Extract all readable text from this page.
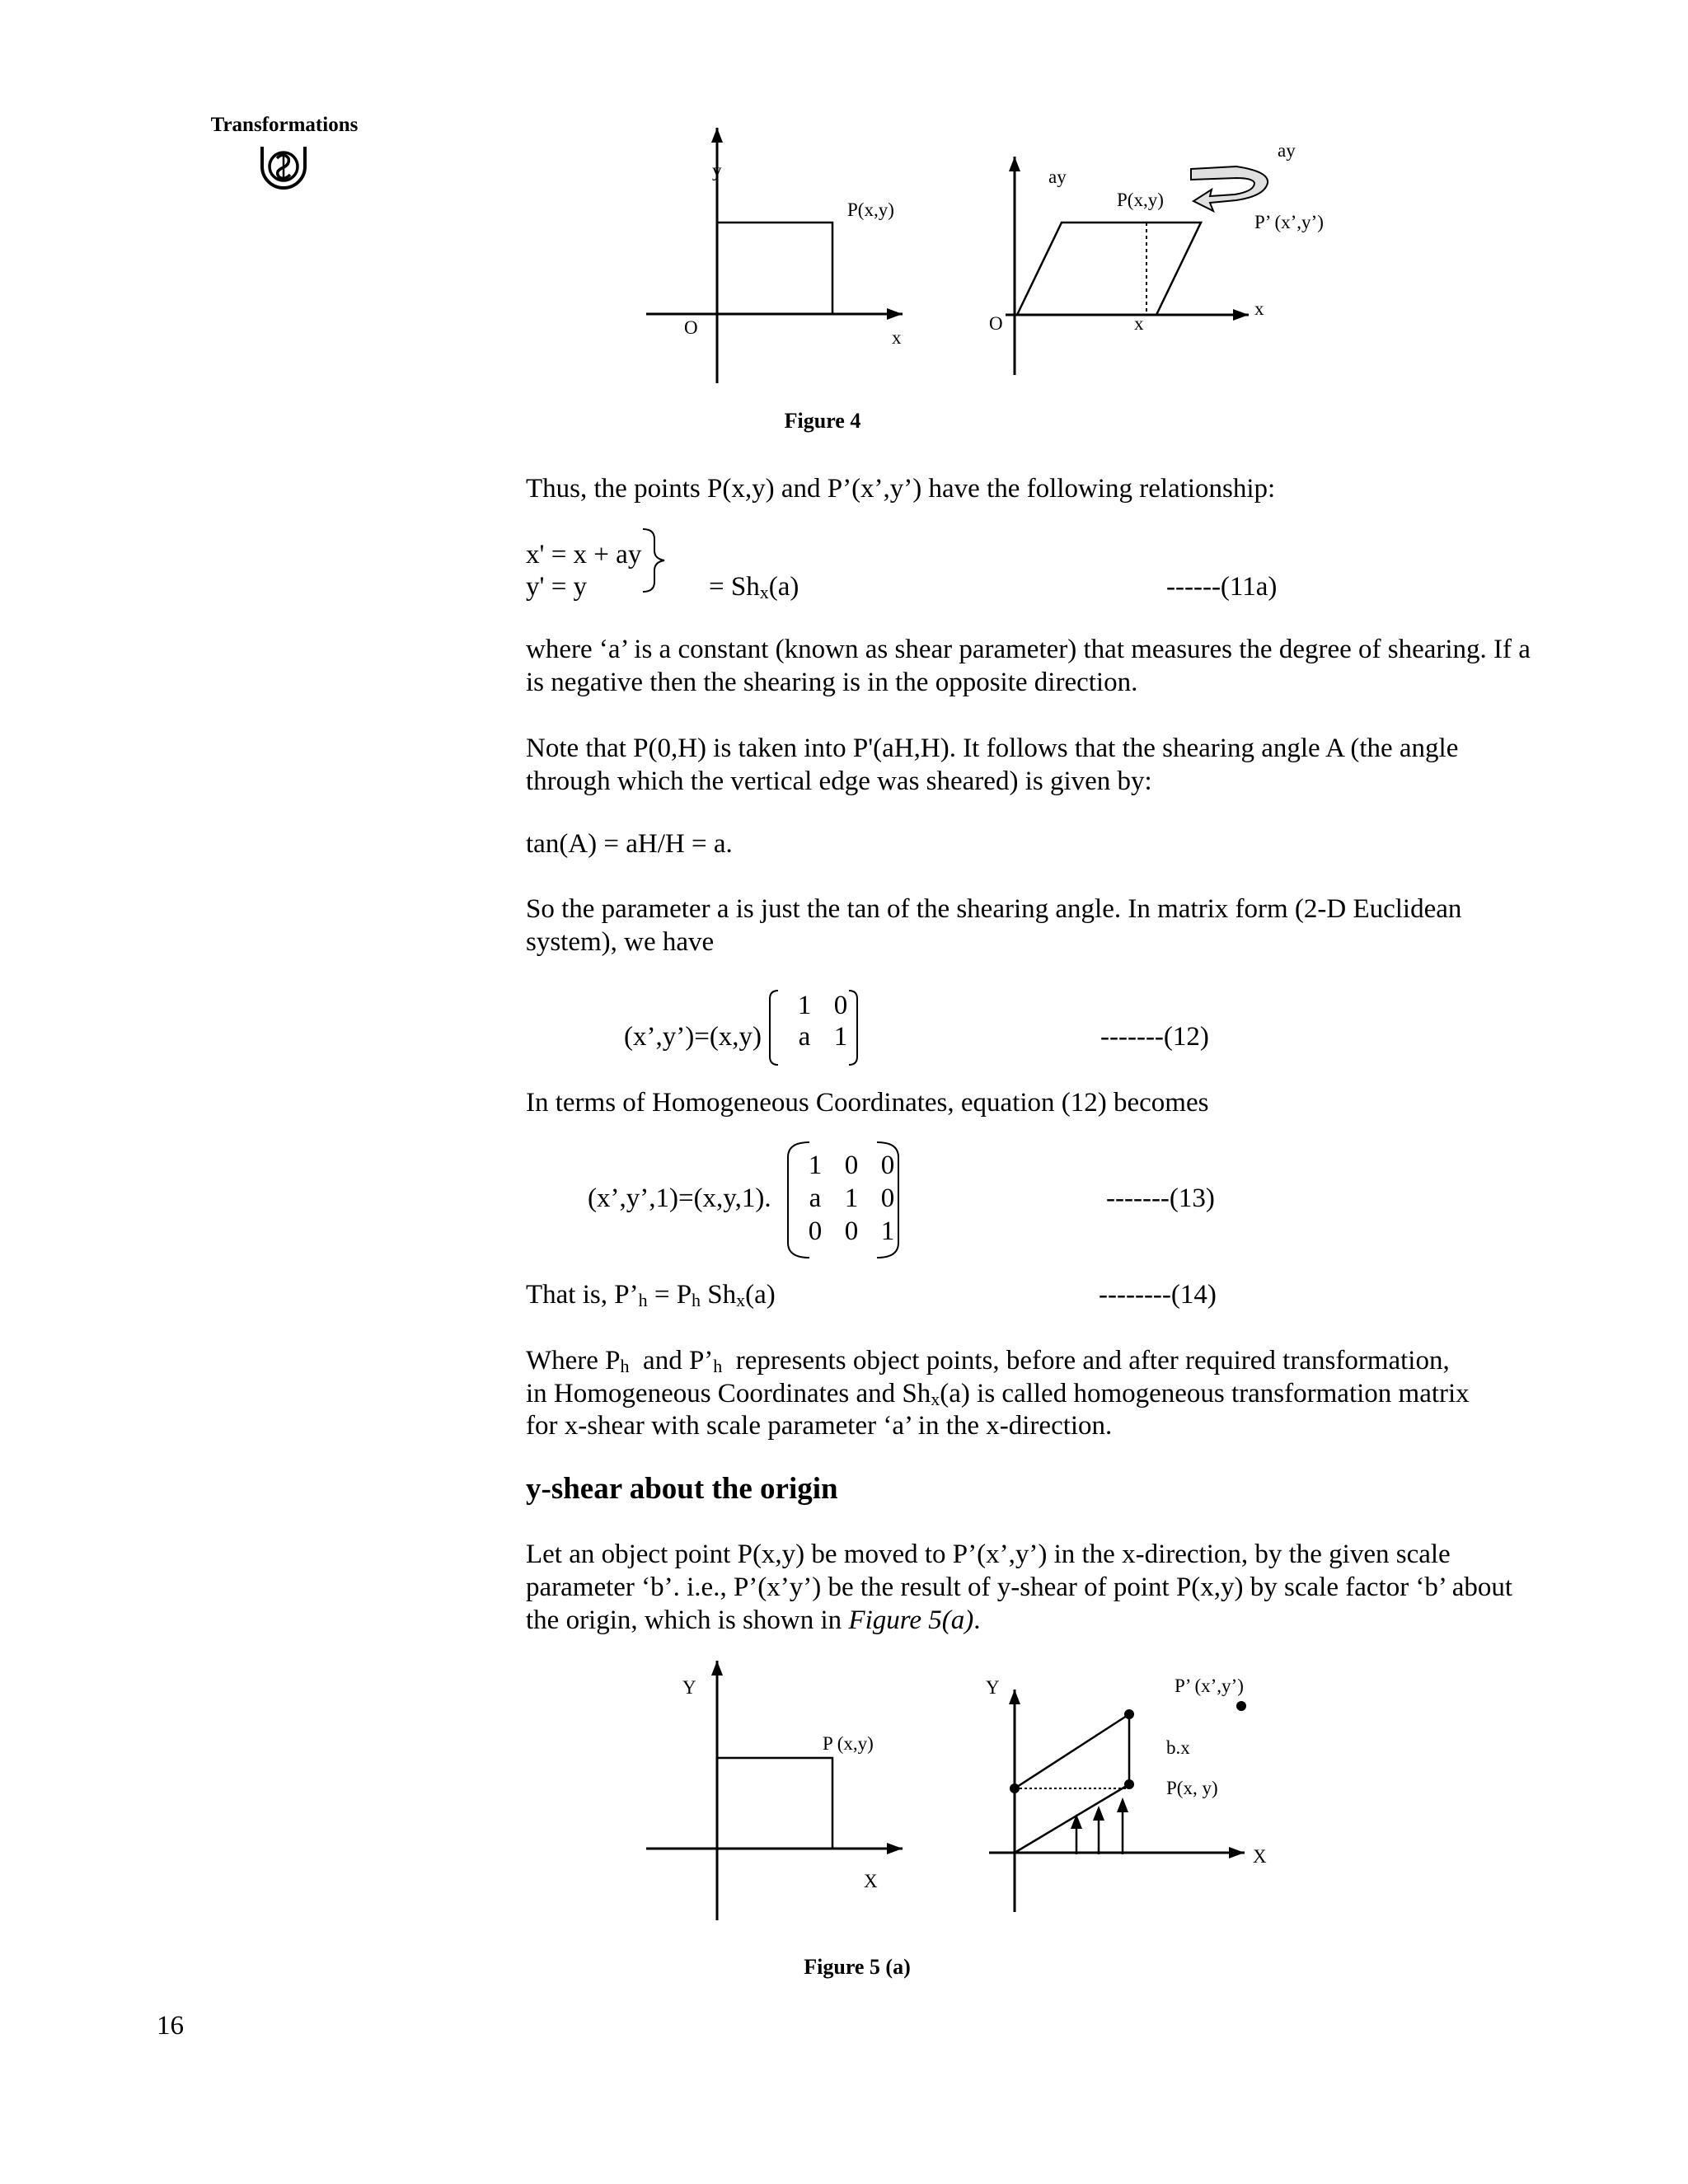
Transformations
y
P(x,y)
O	x
ay
ay
P(x,y)
P’ (x’,y’)
x
O	x
Figure 4
Thus, the points P(x,y) and P’(x’,y’) have the following relationship:
x' = x + ay
y' = y	= $Sh_x(a)$	------(11a)
where ‘a’ is a constant (known as shear parameter) that measures the degree of shearing. If a is negative then the shearing is in the opposite direction.
Note that P(0,H) is taken into P'(aH,H). It follows that the shearing angle A (the angle through which the vertical edge was sheared) is given by:
tan(A) = aH/H = a.
So the parameter a is just the tan of the shearing angle. In matrix form (2-D Euclidean system), we have
(x’,y’)=(x,y)
1 0
a 1	-------(12)
In terms of Homogeneous Coordinates, equation (12) becomes
(x’,y’,1)=(x,y,1).
1 0 0
a 1 0
0 0 1
-------(13)
That is, $P’_h = P_h$ $Sh_x(a)$	--------(14)
Where $P_h$  and $P’_h$  represents object points, before and after required transformation,
in Homogeneous Coordinates and $Sh_x(a)$ is called homogeneous transformation matrix
for x-shear with scale parameter ‘a’ in the x-direction.
y-shear about the origin
Let an object point P(x,y) be moved to P’(x’,y’) in the x-direction, by the given scale parameter ‘b’. i.e., P’(x’y’) be the result of y-shear of point P(x,y) by scale factor ‘b’ about the origin, which is shown in Figure 5(a).
Y
P (x,y)
X
Y	P’ (x’,y’)
b.x
P(x, y)
X
Figure 5 (a)
16
